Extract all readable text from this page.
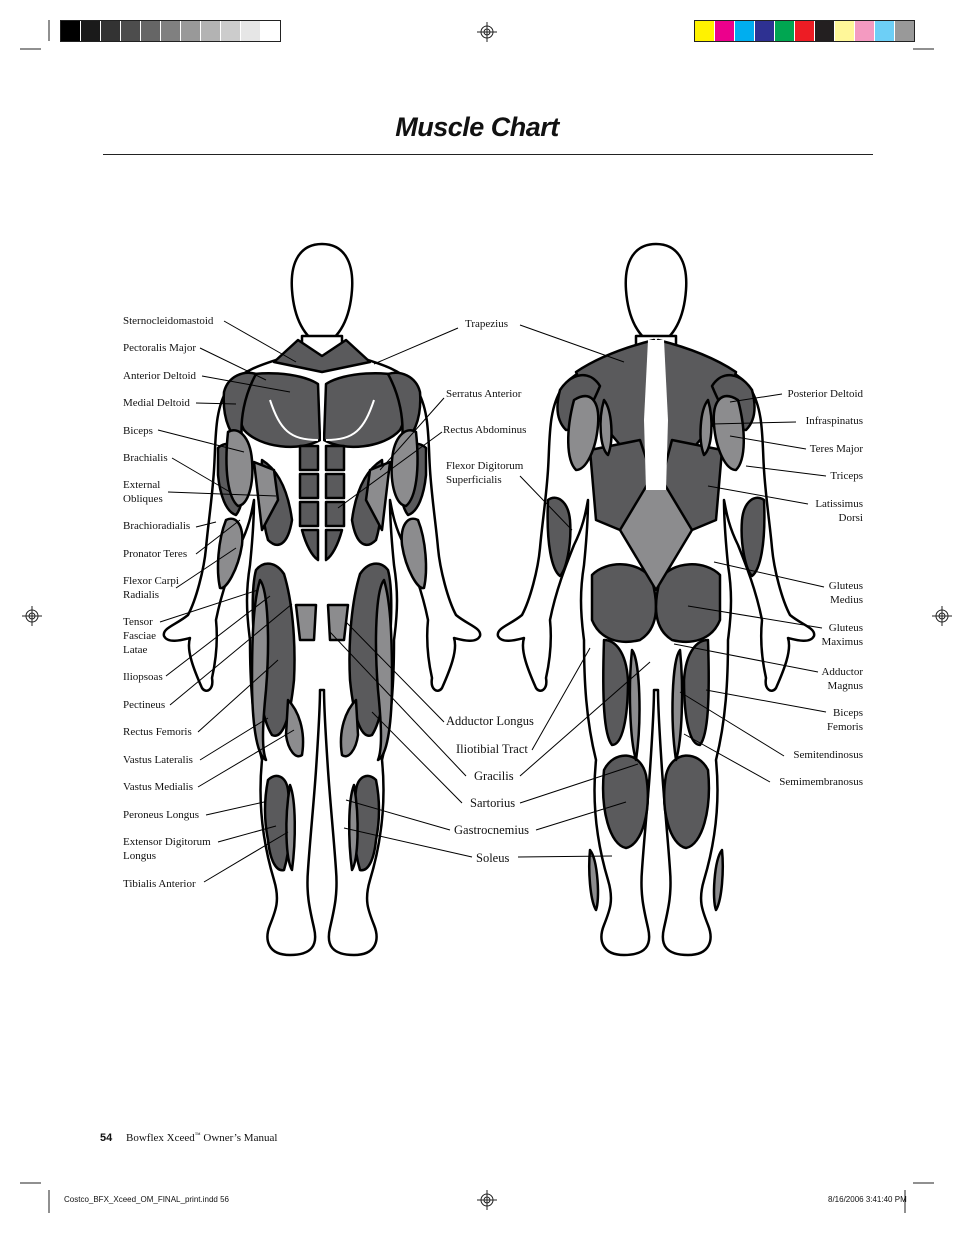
Muscle Chart
Sternocleidomastoid
Pectoralis Major
Anterior Deltoid
Medial Deltoid
Biceps
Brachialis
External
Obliques
Brachioradialis
Pronator Teres
Flexor Carpi
Radialis
Tensor
Fasciae
Latae
Iliopsoas
Pectineus
Rectus Femoris
Vastus Lateralis
Vastus Medialis
Peroneus Longus
Extensor Digitorum
Longus
Tibialis Anterior
Trapezius
Serratus Anterior
Rectus Abdominus
Flexor Digitorum
Superficialis
Adductor Longus
Iliotibial Tract
Gracilis
Sartorius
Gastrocnemius
Soleus
Posterior Deltoid
Infraspinatus
Teres Major
Triceps
Latissimus
Dorsi
Gluteus
Medius
Gluteus
Maximus
Adductor
Magnus
Biceps
Femoris
Semitendinosus
Semimembranosus
54 Bowflex Xceed™ Owner’s Manual
Costco_BFX_Xceed_OM_FINAL_print.indd 56	8/16/2006 3:41:40 PM
